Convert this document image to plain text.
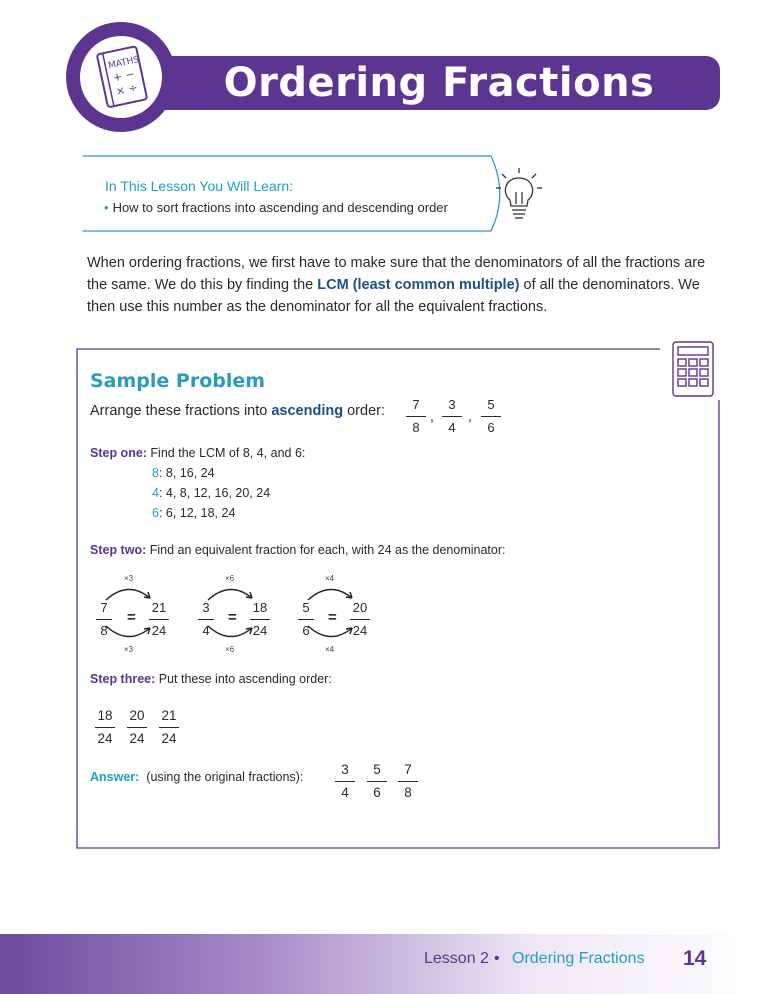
Ordering Fractions
MATHS
+ −
× ÷
In This Lesson You Will Learn:
• How to sort fractions into ascending and descending order
When ordering fractions, we first have to make sure that the denominators of all the fractions are the same. We do this by finding the LCM (least common multiple) of all the denominators. We then use this number as the denominator for all the equivalent fractions.
Sample Problem
Arrange these fractions into ascending order: 7
8
,
3
4
,
5
6
Step one: Find the LCM of 8, 4, and 6:
8: 8, 16, 24
4: 4, 8, 12, 16, 20, 24
6: 6, 12, 18, 24
Step two: Find an equivalent fraction for each, with 24 as the denominator:
×3
7
8
=
21
24
×3
×6
3
4
=
18
24
×6
×4
5
6
=
20
24
×4
Step three: Put these into ascending order:
18
24
20
24
21
24
Answer: (using the original fractions):	3
4
5
6
7
8
Lesson 2 • Ordering Fractions 14
